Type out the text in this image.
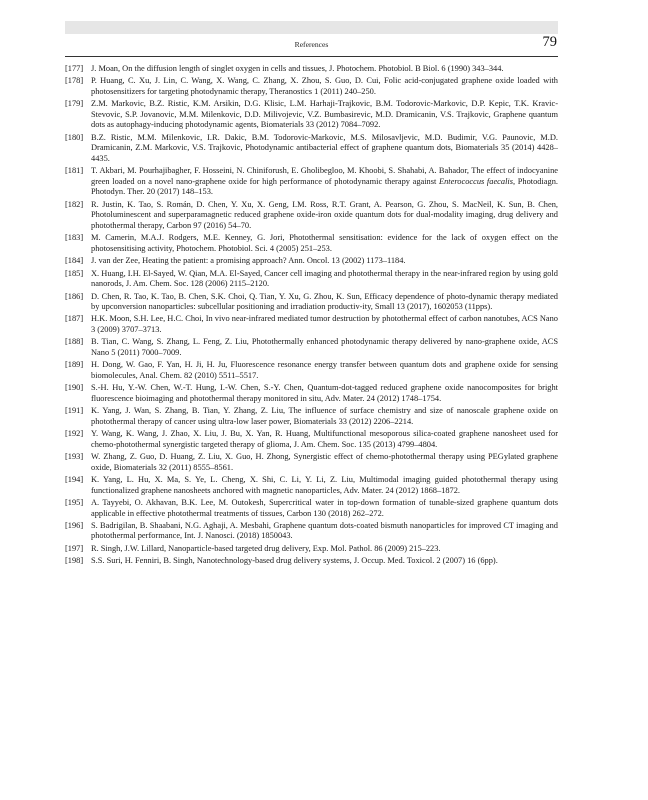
References	79
[177] J. Moan, On the diffusion length of singlet oxygen in cells and tissues, J. Photochem. Photobiol. B Biol. 6 (1990) 343–344.
[178] P. Huang, C. Xu, J. Lin, C. Wang, X. Wang, C. Zhang, X. Zhou, S. Guo, D. Cui, Folic acid-conjugated graphene oxide loaded with photosensitizers for targeting photodynamic therapy, Theranostics 1 (2011) 240–250.
[179] Z.M. Markovic, B.Z. Ristic, K.M. Arsikin, D.G. Klisic, L.M. Harhaji-Trajkovic, B.M. Todorovic-Markovic, D.P. Kepic, T.K. Kravic-Stevovic, S.P. Jovanovic, M.M. Milenkovic, D.D. Milivojevic, V.Z. Bumbasirevic, M.D. Dramicanin, V.S. Trajkovic, Graphene quantum dots as autophagy-inducing photodynamic agents, Biomaterials 33 (2012) 7084–7092.
[180] B.Z. Ristic, M.M. Milenkovic, I.R. Dakic, B.M. Todorovic-Markovic, M.S. Milosavljevic, M.D. Budimir, V.G. Paunovic, M.D. Dramicanin, Z.M. Markovic, V.S. Trajkovic, Photodynamic antibacterial effect of graphene quantum dots, Biomaterials 35 (2014) 4428–4435.
[181] T. Akbari, M. Pourhajibagher, F. Hosseini, N. Chiniforush, E. Gholibegloo, M. Khoobi, S. Shahabi, A. Bahador, The effect of indocyanine green loaded on a novel nano-graphene oxide for high performance of photodynamic therapy against Enterococcus faecalis, Photodiagn. Photodyn. Ther. 20 (2017) 148–153.
[182] R. Justin, K. Tao, S. Román, D. Chen, Y. Xu, X. Geng, I.M. Ross, R.T. Grant, A. Pearson, G. Zhou, S. MacNeil, K. Sun, B. Chen, Photoluminescent and superparamagnetic reduced graphene oxide-iron oxide quantum dots for dual-modality imaging, drug delivery and photothermal therapy, Carbon 97 (2016) 54–70.
[183] M. Camerin, M.A.J. Rodgers, M.E. Kenney, G. Jori, Photothermal sensitisation: evidence for the lack of oxygen effect on the photosensitising activity, Photochem. Photobiol. Sci. 4 (2005) 251–253.
[184] J. van der Zee, Heating the patient: a promising approach? Ann. Oncol. 13 (2002) 1173–1184.
[185] X. Huang, I.H. El-Sayed, W. Qian, M.A. El-Sayed, Cancer cell imaging and photothermal therapy in the near-infrared region by using gold nanorods, J. Am. Chem. Soc. 128 (2006) 2115–2120.
[186] D. Chen, R. Tao, K. Tao, B. Chen, S.K. Choi, Q. Tian, Y. Xu, G. Zhou, K. Sun, Efficacy dependence of photo-dynamic therapy mediated by upconversion nanoparticles: subcellular positioning and irradiation productiv-ity, Small 13 (2017), 1602053 (11pps).
[187] H.K. Moon, S.H. Lee, H.C. Choi, In vivo near-infrared mediated tumor destruction by photothermal effect of carbon nanotubes, ACS Nano 3 (2009) 3707–3713.
[188] B. Tian, C. Wang, S. Zhang, L. Feng, Z. Liu, Photothermally enhanced photodynamic therapy delivered by nano-graphene oxide, ACS Nano 5 (2011) 7000–7009.
[189] H. Dong, W. Gao, F. Yan, H. Ji, H. Ju, Fluorescence resonance energy transfer between quantum dots and graphene oxide for sensing biomolecules, Anal. Chem. 82 (2010) 5511–5517.
[190] S.-H. Hu, Y.-W. Chen, W.-T. Hung, I.-W. Chen, S.-Y. Chen, Quantum-dot-tagged reduced graphene oxide nanocomposites for bright fluorescence bioimaging and photothermal therapy monitored in situ, Adv. Mater. 24 (2012) 1748–1754.
[191] K. Yang, J. Wan, S. Zhang, B. Tian, Y. Zhang, Z. Liu, The influence of surface chemistry and size of nanoscale graphene oxide on photothermal therapy of cancer using ultra-low laser power, Biomaterials 33 (2012) 2206–2214.
[192] Y. Wang, K. Wang, J. Zhao, X. Liu, J. Bu, X. Yan, R. Huang, Multifunctional mesoporous silica-coated graphene nanosheet used for chemo-photothermal synergistic targeted therapy of glioma, J. Am. Chem. Soc. 135 (2013) 4799–4804.
[193] W. Zhang, Z. Guo, D. Huang, Z. Liu, X. Guo, H. Zhong, Synergistic effect of chemo-photothermal therapy using PEGylated graphene oxide, Biomaterials 32 (2011) 8555–8561.
[194] K. Yang, L. Hu, X. Ma, S. Ye, L. Cheng, X. Shi, C. Li, Y. Li, Z. Liu, Multimodal imaging guided photothermal therapy using functionalized graphene nanosheets anchored with magnetic nanoparticles, Adv. Mater. 24 (2012) 1868–1872.
[195] A. Tayyebi, O. Akhavan, B.K. Lee, M. Outokesh, Supercritical water in top-down formation of tunable-sized graphene quantum dots applicable in effective photothermal treatments of tissues, Carbon 130 (2018) 262–272.
[196] S. Badrigilan, B. Shaabani, N.G. Aghaji, A. Mesbahi, Graphene quantum dots-coated bismuth nanoparticles for improved CT imaging and photothermal performance, Int. J. Nanosci. (2018) 1850043.
[197] R. Singh, J.W. Lillard, Nanoparticle-based targeted drug delivery, Exp. Mol. Pathol. 86 (2009) 215–223.
[198] S.S. Suri, H. Fenniri, B. Singh, Nanotechnology-based drug delivery systems, J. Occup. Med. Toxicol. 2 (2007) 16 (6pp).
